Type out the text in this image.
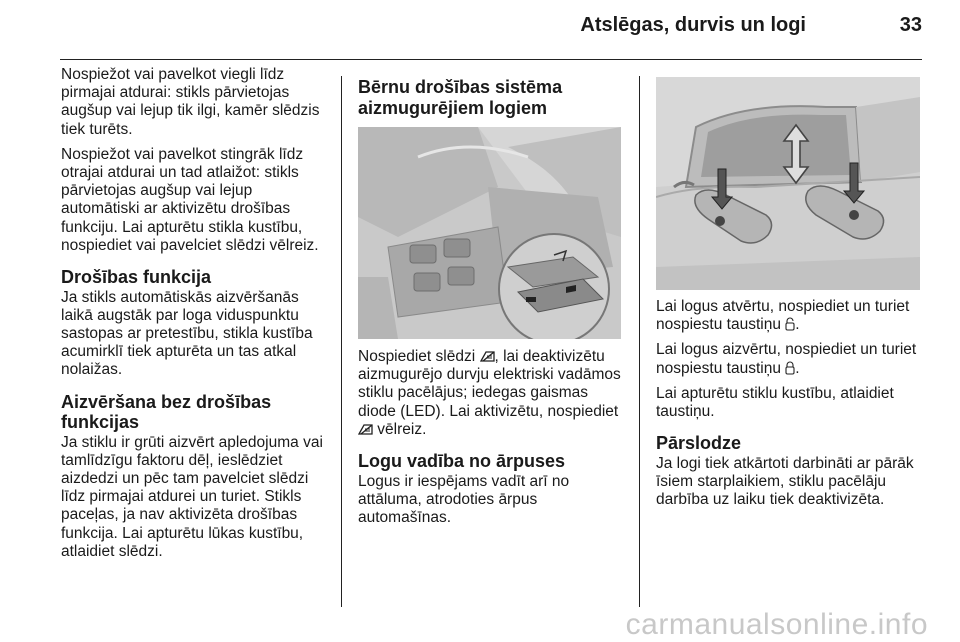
Atslēgas, durvis un logi	33

Nospiežot vai pavelkot viegli līdz pirmajai atdurai: stikls pārvietojas augšup vai lejup tik ilgi, kamēr slēdzis tiek turēts.

Nospiežot vai pavelkot stingrāk līdz otrajai atdurai un tad atlaižot: stikls pārvietojas augšup vai lejup automātiski ar aktivizētu drošības funkciju. Lai apturētu stikla kustību, nospiediet vai pavelciet slēdzi vēlreiz.

Drošības funkcija

Ja stikls automātiskās aizvēršanās laikā augstāk par loga viduspunktu sastopas ar pretestību, stikla kustība acumirklī tiek apturēta un tas atkal nolaižas.

Aizvēršana bez drošības funkcijas

Ja stiklu ir grūti aizvērt apledojuma vai tamlīdzīgu faktoru dēļ, ieslēdziet aizdedzi un pēc tam pavelciet slēdzi līdz pirmajai atdurei un turiet. Stikls paceļas, ja nav aktivizēta drošības funkcija. Lai apturētu lūkas kustību, atlaidiet slēdzi.

Bērnu drošības sistēma aizmugurējiem logiem

Nospiediet slēdzi , lai deaktivizētu aizmugurējo durvju elektriski vadāmos stiklu pacēlājus; iedegas gaismas diode (LED). Lai aktivizētu, nospiediet  vēlreiz.

Logu vadība no ārpuses

Logus ir iespējams vadīt arī no attāluma, atrodoties ārpus automašīnas.

Lai logus atvērtu, nospiediet un turiet nospiestu taustiņu .

Lai logus aizvērtu, nospiediet un turiet nospiestu taustiņu .

Lai apturētu stiklu kustību, atlaidiet taustiņu.

Pārslodze

Ja logi tiek atkārtoti darbināti ar pārāk īsiem starplaikiem, stiklu pacēlāju darbība uz laiku tiek deaktivizēta.

carmanualsonline.info
